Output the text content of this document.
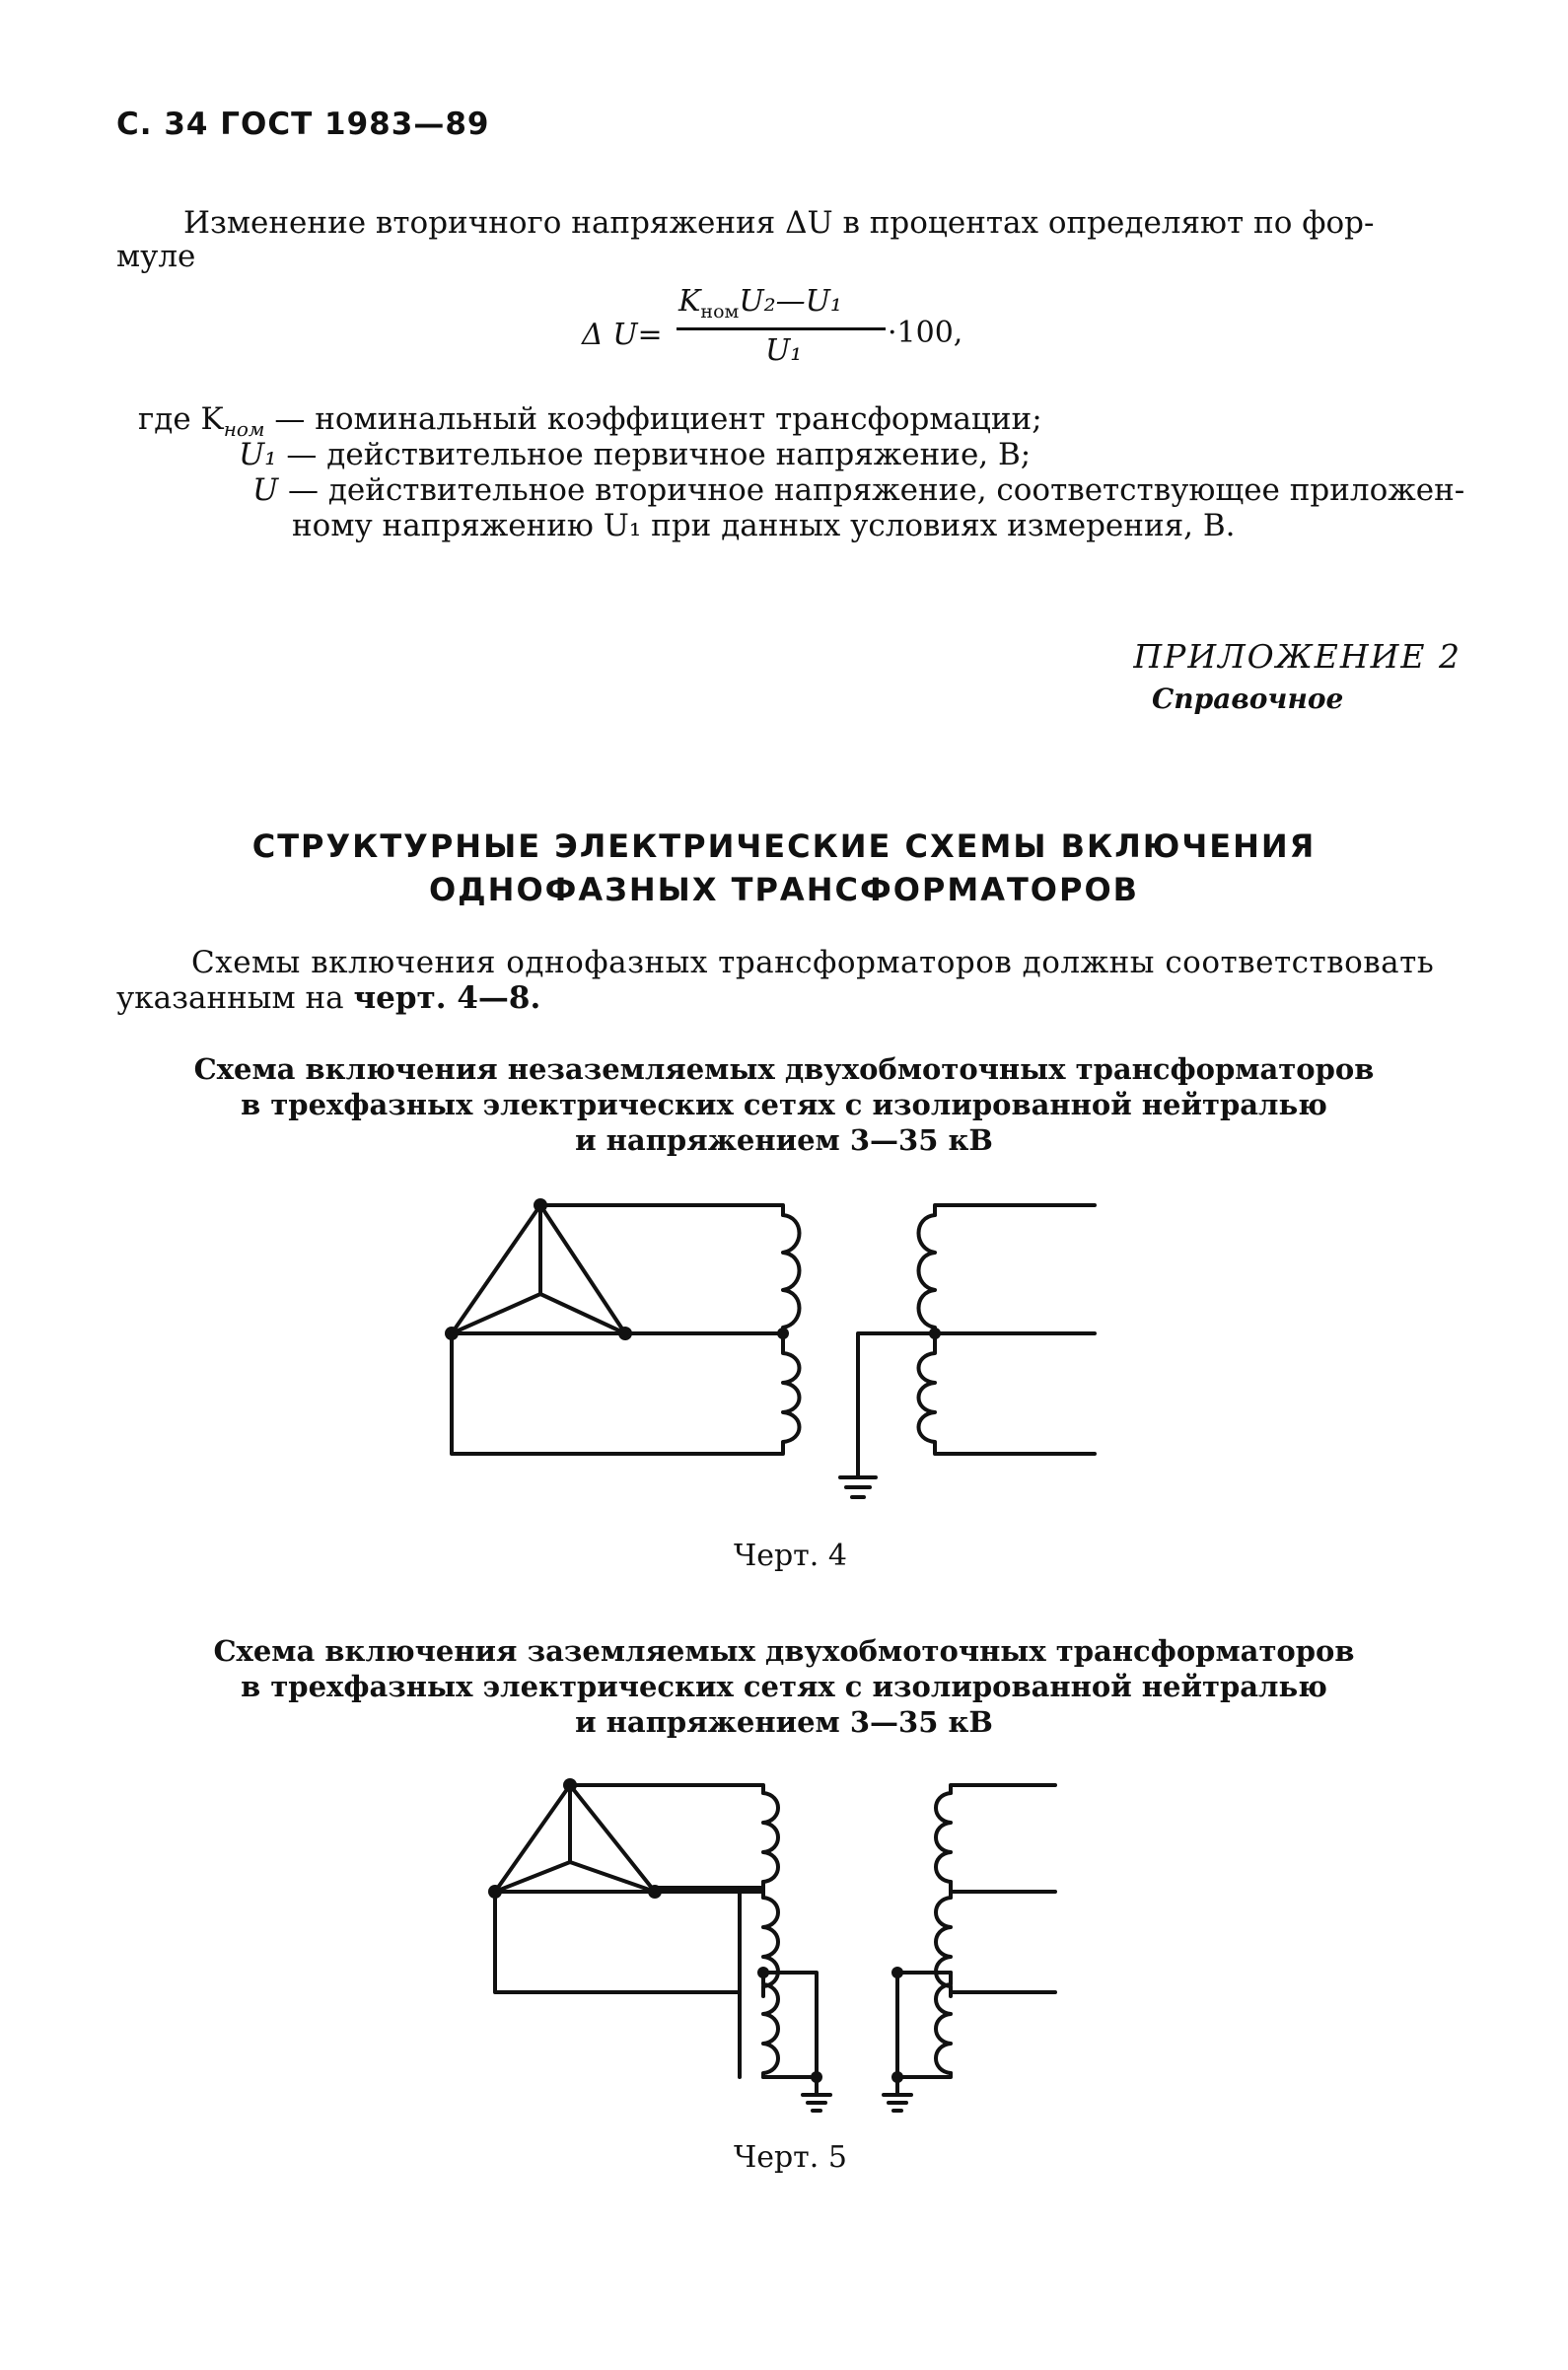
С. 34 ГОСТ 1983—89
Изменение вторичного напряжения ΔU в процентах определяют по фор-
муле
Δ U=
$K_{ном}U_2—U_1$
U₁
·100,
где $K_{ном}$ — номинальный коэффициент трансформации;
U₁ — действительное первичное напряжение, В;
U — действительное вторичное напряжение, соответствующее приложен-
ному напряжению U₁ при данных условиях измерения, В.
ПРИЛОЖЕНИЕ 2
Справочное
СТРУКТУРНЫЕ ЭЛЕКТРИЧЕСКИЕ СХЕМЫ ВКЛЮЧЕНИЯ
ОДНОФАЗНЫХ ТРАНСФОРМАТОРОВ
Схемы включения однофазных трансформаторов должны соответствовать
указанным на черт. 4—8.
Схема включения незаземляемых двухобмоточных трансформаторов
в трехфазных электрических сетях с изолированной нейтралью
и напряжением 3—35 кВ
Черт. 4
Схема включения заземляемых двухобмоточных трансформаторов
в трехфазных электрических сетях с изолированной нейтралью
и напряжением 3—35 кВ
Черт. 5
